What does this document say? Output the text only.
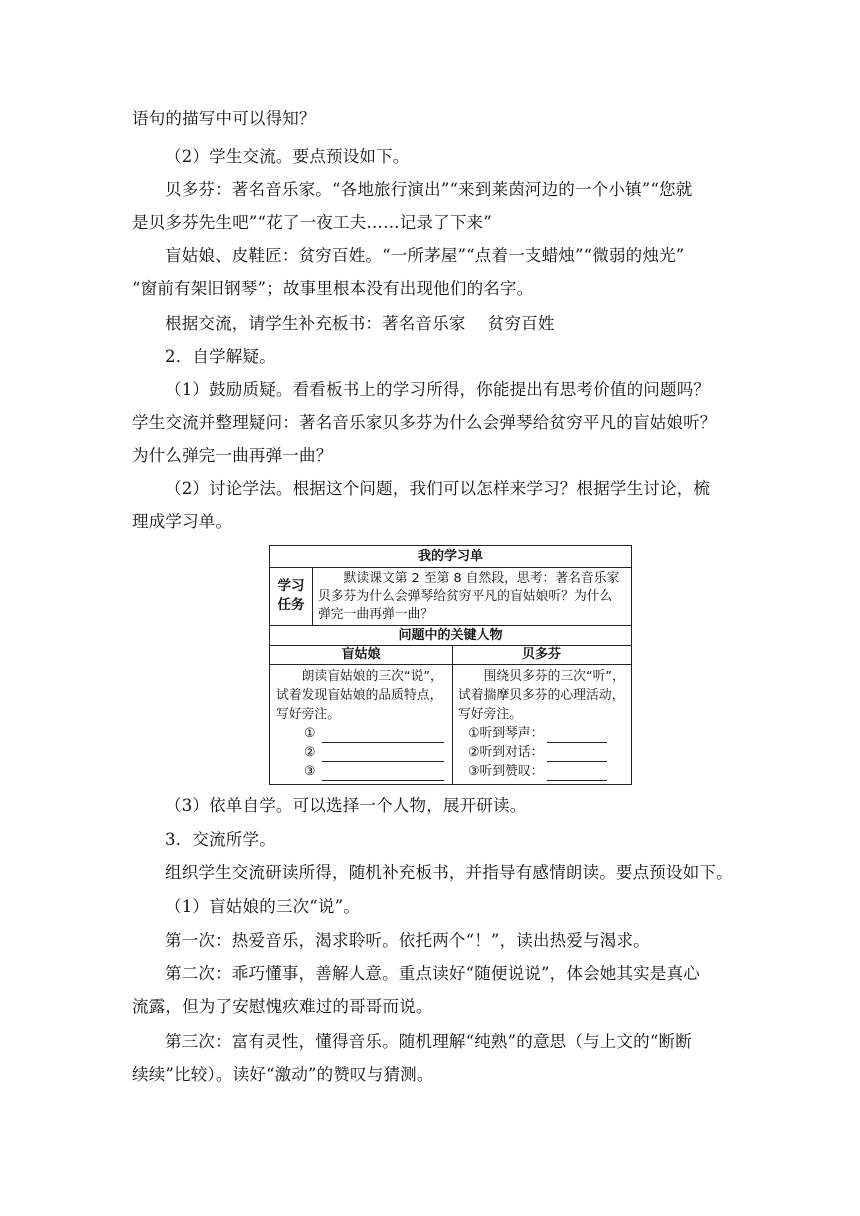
语句的描写中可以得知？
（2）学生交流。要点预设如下。
贝多芬：著名音乐家。“各地旅行演出”“来到莱茵河边的一个小镇”“您就
是贝多芬先生吧”“花了一夜工夫……记录了下来”
盲姑娘、皮鞋匠：贫穷百姓。“一所茅屋”“点着一支蜡烛”“微弱的烛光”
“窗前有架旧钢琴”；故事里根本没有出现他们的名字。
根据交流，请学生补充板书：著名音乐家　 贫穷百姓
2．自学解疑。
（1）鼓励质疑。看看板书上的学习所得，你能提出有思考价值的问题吗？
学生交流并整理疑问：著名音乐家贝多芬为什么会弹琴给贫穷平凡的盲姑娘听？
为什么弹完一曲再弹一曲？
（2）讨论学法。根据这个问题，我们可以怎样来学习？根据学生讨论，梳
理成学习单。
我的学习单
学习
任务
　　默读课文第 2 至第 8 自然段，思考：著名音乐家贝多芬为什么会弹琴给贫穷平凡的盲姑娘听？为什么弹完一曲再弹一曲？
问题中的关键人物
盲姑娘	贝多芬
朗读盲姑娘的三次“说”，试着发现盲姑娘的品质特点，写好旁注。
①
②
③
围绕贝多芬的三次“听”，试着揣摩贝多芬的心理活动，写好旁注。
①听到琴声：
②听到对话：
③听到赞叹：
（3）依单自学。可以选择一个人物，展开研读。
3．交流所学。
组织学生交流研读所得，随机补充板书，并指导有感情朗读。要点预设如下。
（1）盲姑娘的三次“说”。
第一次：热爱音乐，渴求聆听。依托两个“！”，读出热爱与渴求。
第二次：乖巧懂事，善解人意。重点读好“随便说说”，体会她其实是真心
流露，但为了安慰愧疚难过的哥哥而说。
第三次：富有灵性，懂得音乐。随机理解“纯熟”的意思（与上文的“断断
续续”比较）。读好“激动”的赞叹与猜测。
